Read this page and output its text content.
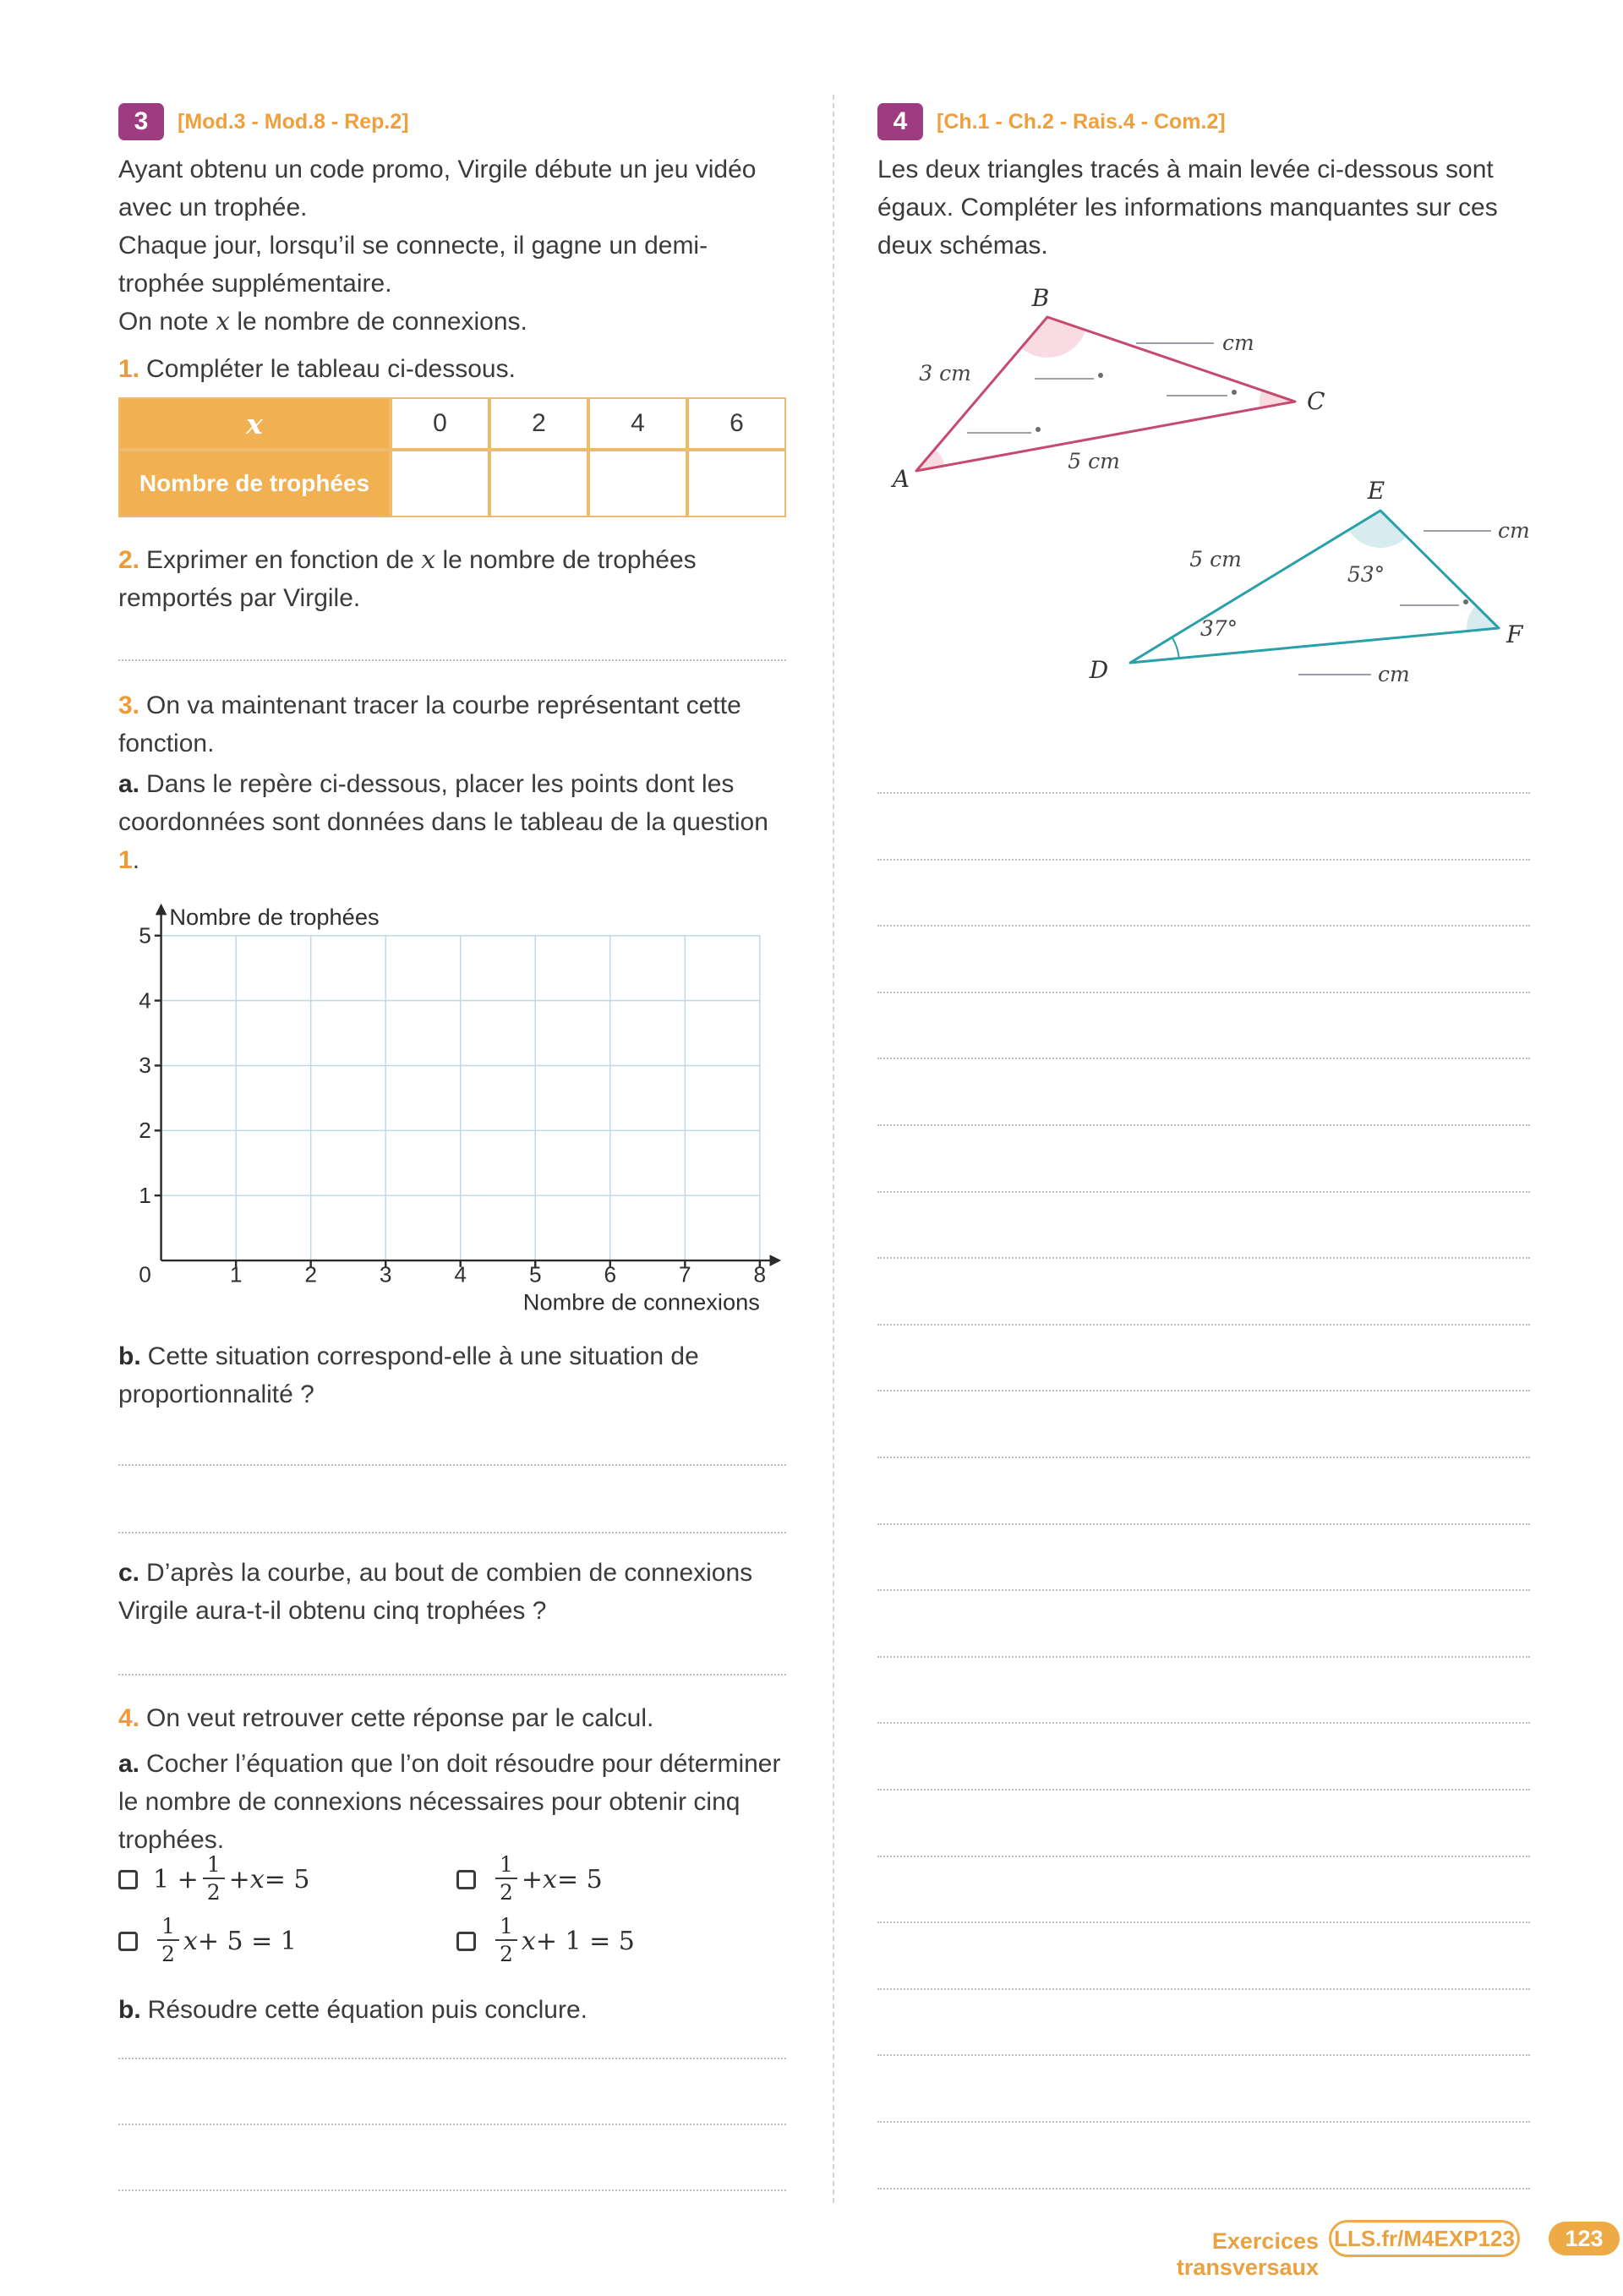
3	[Mod.3 - Mod.8 - Rep.2]

Ayant obtenu un code promo, Virgile débute un jeu vidéo avec un trophée.

Chaque jour, lorsqu’il se connecte, il gagne un demi-trophée supplémentaire.

On note x le nombre de connexions.

1. Compléter le tableau ci-dessous.

x	0	2	4	6
Nombre de trophées

2. Exprimer en fonction de x le nombre de trophées remportés par Virgile.

3. On va maintenant tracer la courbe représentant cette fonction.

a. Dans le repère ci-dessous, placer les points dont les coordonnées sont données dans le tableau de la question 1.

Nombre de trophées
Nombre de connexions
5
4
3
2
1
0	1	2	3	4	5	6	7	8

b. Cette situation correspond-elle à une situation de proportionnalité ?

c. D’après la courbe, au bout de combien de connexions Virgile aura-t-il obtenu cinq trophées ?

4. On veut retrouver cette réponse par le calcul.

a. Cocher l’équation que l’on doit résoudre pour déterminer le nombre de connexions nécessaires pour obtenir cinq trophées.

$1 + \frac{1}{2} + x = 5$	$\frac{1}{2} + x = 5$
$\frac{1}{2}$ x + 5 = 1	$\frac{1}{2}$ x + 1 = 5

b. Résoudre cette équation puis conclure.

4	[Ch.1 - Ch.2 - Rais.4 - Com.2]

Les deux triangles tracés à main levée ci-dessous sont égaux. Compléter les informations manquantes sur ces deux schémas.

B
A
C
3 cm
5 cm
cm
E
D
F
5 cm
53°
37°
cm
cm
Exercices transversaux
LLS.fr/M4EXP123	123
